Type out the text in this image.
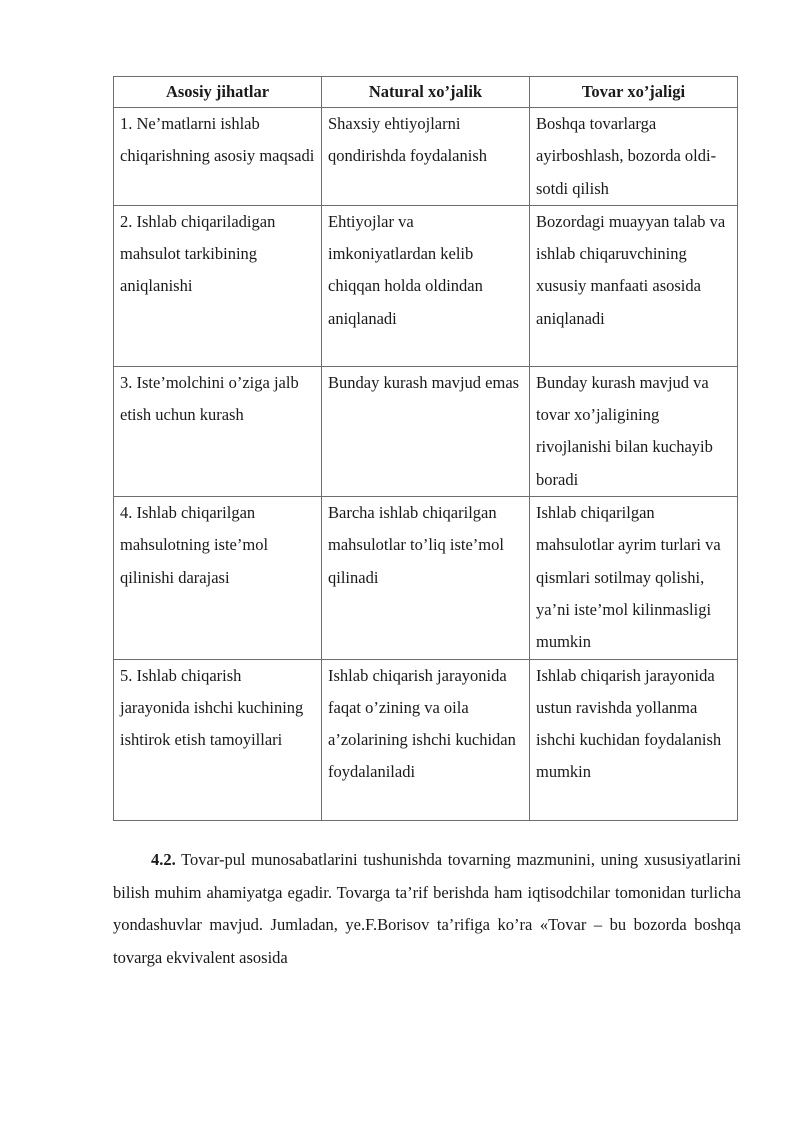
Asosiy jihatlar	Natural xo’jalik	Tovar xo’jaligi
1. Ne’matlarni ishlab chiqarishning asosiy maqsadi	Shaxsiy ehtiyojlarni qondirishda foydalanish	Boshqa tovarlarga ayirboshlash, bozorda oldi-sotdi qilish
2. Ishlab chiqariladigan mahsulot tarkibining aniqlanishi	Ehtiyojlar va imkoniyatlardan kelib chiqqan holda oldindan aniqlanadi	Bozordagi muayyan talab va ishlab chiqaruvchining xususiy manfaati asosida aniqlanadi
3. Iste’molchini o’ziga jalb etish uchun kurash	Bunday kurash mavjud emas	Bunday kurash mavjud va tovar xo’jaligining rivojlanishi bilan kuchayib boradi
4. Ishlab chiqarilgan mahsulotning iste’mol qilinishi darajasi	Barcha ishlab chiqarilgan mahsulotlar to’liq iste’mol qilinadi	Ishlab chiqarilgan mahsulotlar ayrim turlari va qismlari sotilmay qolishi, ya’ni iste’mol kilinmasligi mumkin
5. Ishlab chiqarish jarayonida ishchi kuchining ishtirok etish tamoyillari	Ishlab chiqarish jarayonida faqat o’zining va oila a’zolarining ishchi kuchidan foydalaniladi	Ishlab chiqarish jarayonida ustun ravishda yollanma ishchi kuchidan foydalanish mumkin

4.2. Tovar-pul munosabatlarini tushunishda tovarning mazmunini, uning xususiyatlarini bilish muhim ahamiyatga egadir. Tovarga ta’rif berishda ham iqtisodchilar tomonidan turlicha yondashuvlar mavjud. Jumladan, ye.F.Borisov ta’rifiga ko’ra «Tovar – bu bozorda boshqa tovarga ekvivalent asosida
